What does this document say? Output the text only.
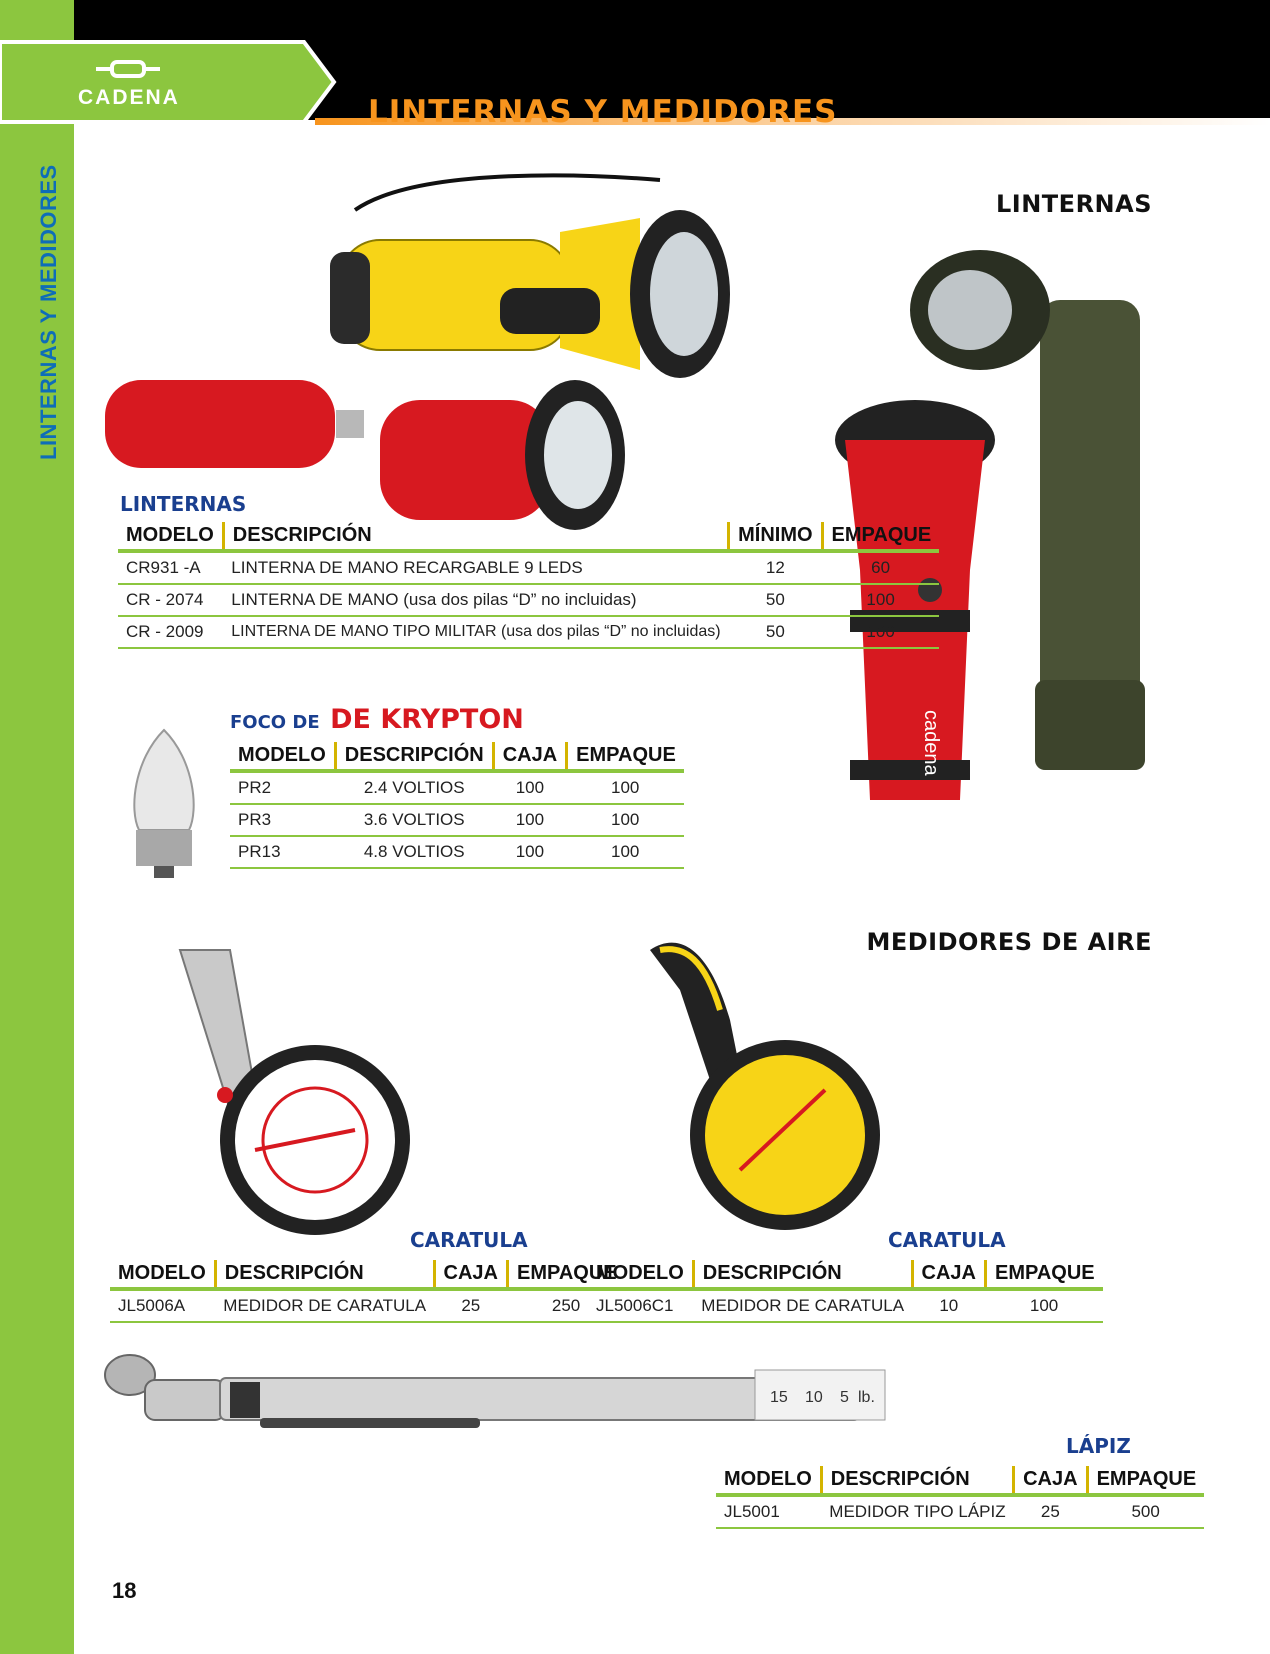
CADENA	LINTERNAS Y MEDIDORES
LINTERNAS Y MEDIDORES	LINTERNAS
MEDIDORES DE AIRE
cadena
15 10 5 lb.
LINTERNAS
MODELO	DESCRIPCIÓN	MÍNIMO	EMPAQUE
CR931 -A	LINTERNA DE MANO RECARGABLE 9 LEDS	12	60
CR - 2074	LINTERNA DE MANO (usa dos pilas “D” no incluidas)	50	100
CR - 2009	LINTERNA DE MANO TIPO MILITAR (usa dos pilas “D” no incluidas)	50	100
FOCO DE DE KRYPTON
MODELO	DESCRIPCIÓN	CAJA	EMPAQUE
PR2	2.4 VOLTIOS	100	100
PR3	3.6 VOLTIOS	100	100
PR13	4.8 VOLTIOS	100	100
CARATULA
MODELO	DESCRIPCIÓN	CAJA	EMPAQUE
JL5006A	MEDIDOR DE CARATULA	25	250
CARATULA
MODELO	DESCRIPCIÓN	CAJA	EMPAQUE
JL5006C1	MEDIDOR DE CARATULA	10	100
LÁPIZ
MODELO	DESCRIPCIÓN	CAJA	EMPAQUE
JL5001	MEDIDOR TIPO LÁPIZ	25	500
18
